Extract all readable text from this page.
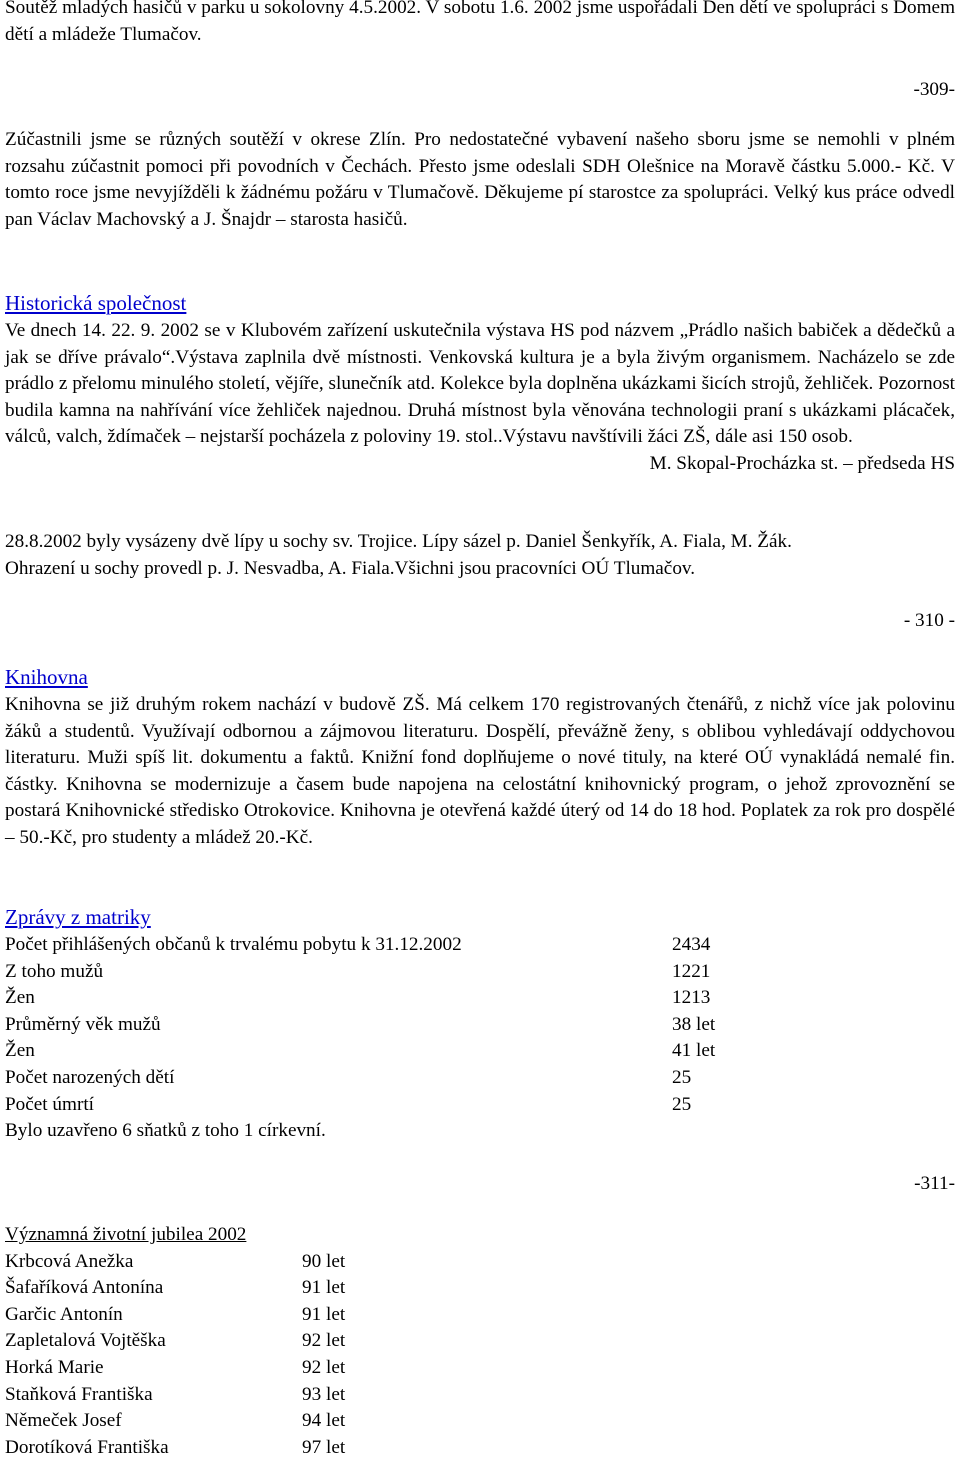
Soutěž mladých hasičů v parku u sokolovny 4.5.2002. V sobotu 1.6. 2002 jsme uspořádali Den dětí ve spolupráci s Domem dětí a mládeže Tlumačov.

-309-

Zúčastnili jsme se různých soutěží v okrese Zlín. Pro nedostatečné vybavení našeho sboru jsme se nemohli v plném rozsahu zúčastnit pomoci při povodních v Čechách. Přesto jsme odeslali SDH Olešnice na Moravě částku 5.000.- Kč. V tomto roce jsme nevyjížděli k žádnému požáru v Tlumačově. Děkujeme pí starostce za spolupráci. Velký kus práce odvedl pan Václav Machovský a J. Šnajdr – starosta hasičů.

Historická společnost

Ve dnech 14. 22. 9. 2002 se v Klubovém zařízení uskutečnila výstava HS pod názvem „Prádlo našich babiček a dědečků a jak se dříve právalo“.Výstava zaplnila dvě místnosti. Venkovská kultura je a byla živým organismem. Nacházelo se zde prádlo z přelomu minulého století, vějíře, slunečník atd. Kolekce byla doplněna ukázkami šicích strojů, žehliček. Pozornost budila kamna na nahřívání více žehliček najednou. Druhá místnost byla věnována technologii praní s ukázkami plácaček, válců, valch, ždímaček – nejstarší pocházela z poloviny 19. stol..Výstavu navštívili žáci ZŠ, dále asi 150 osob.

M. Skopal-Procházka st. – předseda HS
28.8.2002 byly vysázeny dvě lípy u sochy sv. Trojice. Lípy sázel p. Daniel Šenkyřík, A. Fiala, M. Žák.
Ohrazení u sochy provedl p. J. Nesvadba, A. Fiala.Všichni jsou pracovníci OÚ Tlumačov.
- 310 -
Knihovna

Knihovna se již druhým rokem nachází v budově ZŠ. Má celkem 170 registrovaných čtenářů, z nichž více jak polovinu žáků a studentů. Využívají odbornou a zájmovou literaturu. Dospělí, převážně ženy, s oblibou vyhledávají oddychovou literaturu. Muži spíš lit. dokumentu a faktů. Knižní fond doplňujeme o nové tituly, na které OÚ vynakládá nemalé fin. částky. Knihovna se modernizuje a časem bude napojena na celostátní knihovnický program, o jehož zprovoznění se postará Knihovnické středisko Otrokovice. Knihovna je otevřená každé úterý od 14 do 18 hod. Poplatek za rok pro dospělé – 50.-Kč, pro studenty a mládež 20.-Kč.

Zprávy z matriky
Počet přihlášených občanů k trvalému pobytu k 31.12.2002	2434
Z toho mužů	1221
Žen	1213
Průměrný věk mužů	38 let
Žen	41 let
Počet narozených dětí	25
Počet úmrtí	25
Bylo uzavřeno 6 sňatků z toho 1 církevní.
-311-
Významná životní jubilea 2002
Krbcová Anežka	90 let
Šafaříková Antonína	91 let
Garčic Antonín	91 let
Zapletalová Vojtěška	92 let
Horká Marie	92 let
Staňková Františka	93 let
Němeček Josef	94 let
Dorotíková Františka	97 let
